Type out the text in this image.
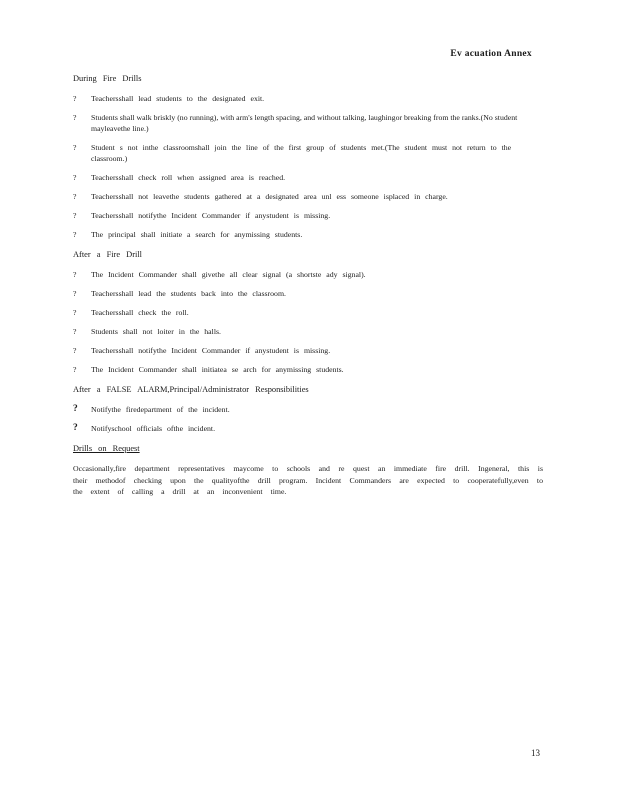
Ev acuation Annex
During Fire Drills
?	Teachersshall lead students to the designated exit.
?	Students shall walk briskly (no running), with arm's length spacing, and without talking, laughingor breaking from the ranks.(No student mayleavethe line.)
?	Student s not inthe classroomshall join the line of the first group of students met.(The student must not return to the classroom.)
?	Teachersshall check roll when assigned area is reached.
?	Teachersshall not leavethe students gathered at a designated area unl ess someone isplaced in charge.
?	Teachersshall notifythe Incident Commander if anystudent is missing.
?	The principal shall initiate a search for anymissing students.
After a Fire Drill
?	The Incident Commander shall givethe all clear signal (a shortste ady signal).
?	Teachersshall lead the students back into the classroom.
?	Teachersshall check the roll.
?	Students shall not loiter in the halls.
?	Teachersshall notifythe Incident Commander if anystudent is missing.
?	The Incident Commander shall initiatea se arch for anymissing students.
After a FALSE ALARM,Principal/Administrator Responsibilities
?	Notifythe firedepartment of the incident.
?	Notifyschool officials ofthe incident.
Drills on Request

Occasionally,fire department representatives maycome to schools and re quest an immediate fire drill. Ingeneral, this is their methodof checking upon the qualityofthe drill program. Incident Commanders are expected to cooperatefully,even to the extent of calling a drill at an inconvenient time.

13
